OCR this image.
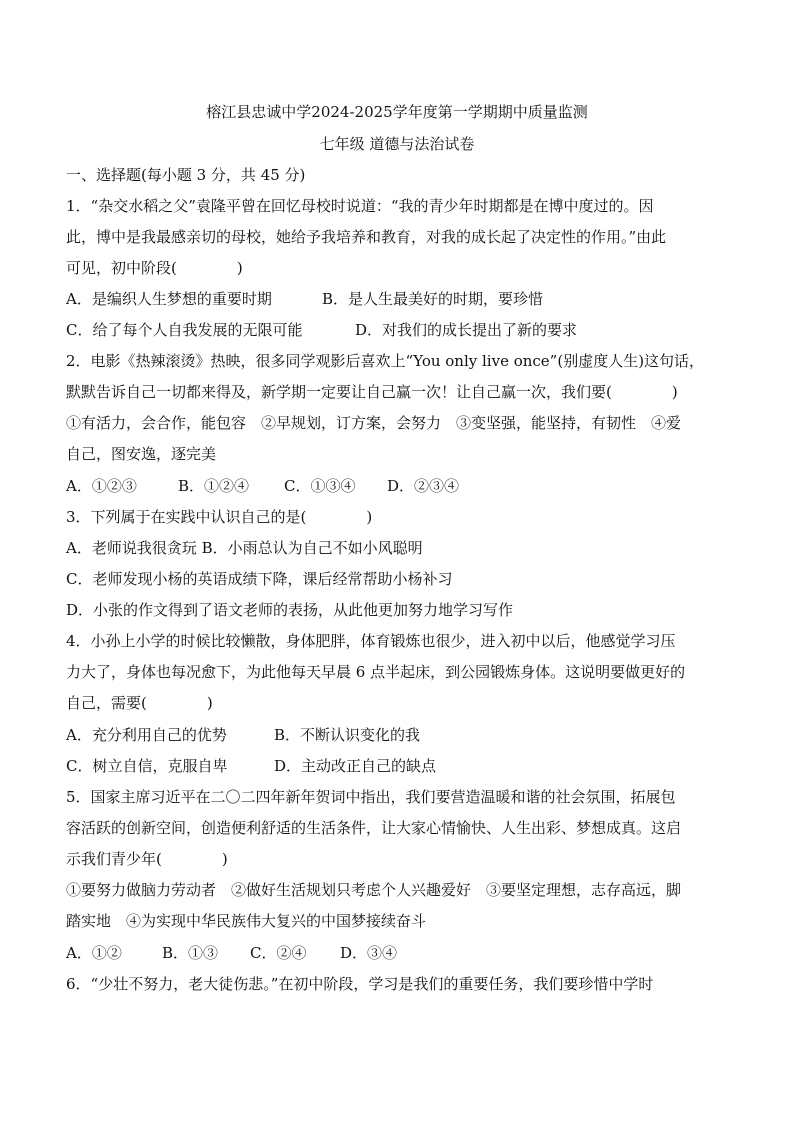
榕江县忠诚中学2024-2025学年度第一学期期中质量监测
七年级 道德与法治试卷
一、选择题(每小题 3 分，共 45 分)
1．“杂交水稻之父”袁隆平曾在回忆母校时说道：“我的青少年时期都是在博中度过的。因
此，博中是我最感亲切的母校，她给予我培养和教育，对我的成长起了决定性的作用。”由此
可见，初中阶段(　　　　)
A．是编织人生梦想的重要时期	B．是人生最美好的时期，要珍惜
C．给了每个人自我发展的无限可能	D．对我们的成长提出了新的要求
2．电影《热辣滚烫》热映，很多同学观影后喜欢上“You only live once”(别虚度人生)这句话，
默默告诉自己一切都来得及，新学期一定要让自己赢一次！让自己赢一次，我们要(　　　　)
①有活力，会合作，能包容　②早规划，订方案，会努力　③变坚强，能坚持，有韧性　④爱
自己，图安逸，逐完美
A．①②③	B．①②④ C．①③④ D．②③④
3．下列属于在实践中认识自己的是(　　　　)
A．老师说我很贪玩 B．小雨总认为自己不如小风聪明
C．老师发现小杨的英语成绩下降，课后经常帮助小杨补习
D．小张的作文得到了语文老师的表扬，从此他更加努力地学习写作
4．小孙上小学的时候比较懒散，身体肥胖，体育锻炼也很少，进入初中以后，他感觉学习压
力大了，身体也每况愈下，为此他每天早晨 6 点半起床，到公园锻炼身体。这说明要做更好的
自己，需要(　　　　)
A．充分利用自己的优势	B．不断认识变化的我
C．树立自信，克服自卑	D．主动改正自己的缺点
5．国家主席习近平在二〇二四年新年贺词中指出，我们要营造温暖和谐的社会氛围，拓展包
容活跃的创新空间，创造便利舒适的生活条件，让大家心情愉快、人生出彩、梦想成真。这启
示我们青少年(　　　　)
①要努力做脑力劳动者　②做好生活规划只考虑个人兴趣爱好　③要坚定理想，志存高远，脚
踏实地　④为实现中华民族伟大复兴的中国梦接续奋斗
A．①②	B．①③ C．②④ D．③④
6．“少壮不努力，老大徒伤悲。”在初中阶段，学习是我们的重要任务，我们要珍惜中学时
